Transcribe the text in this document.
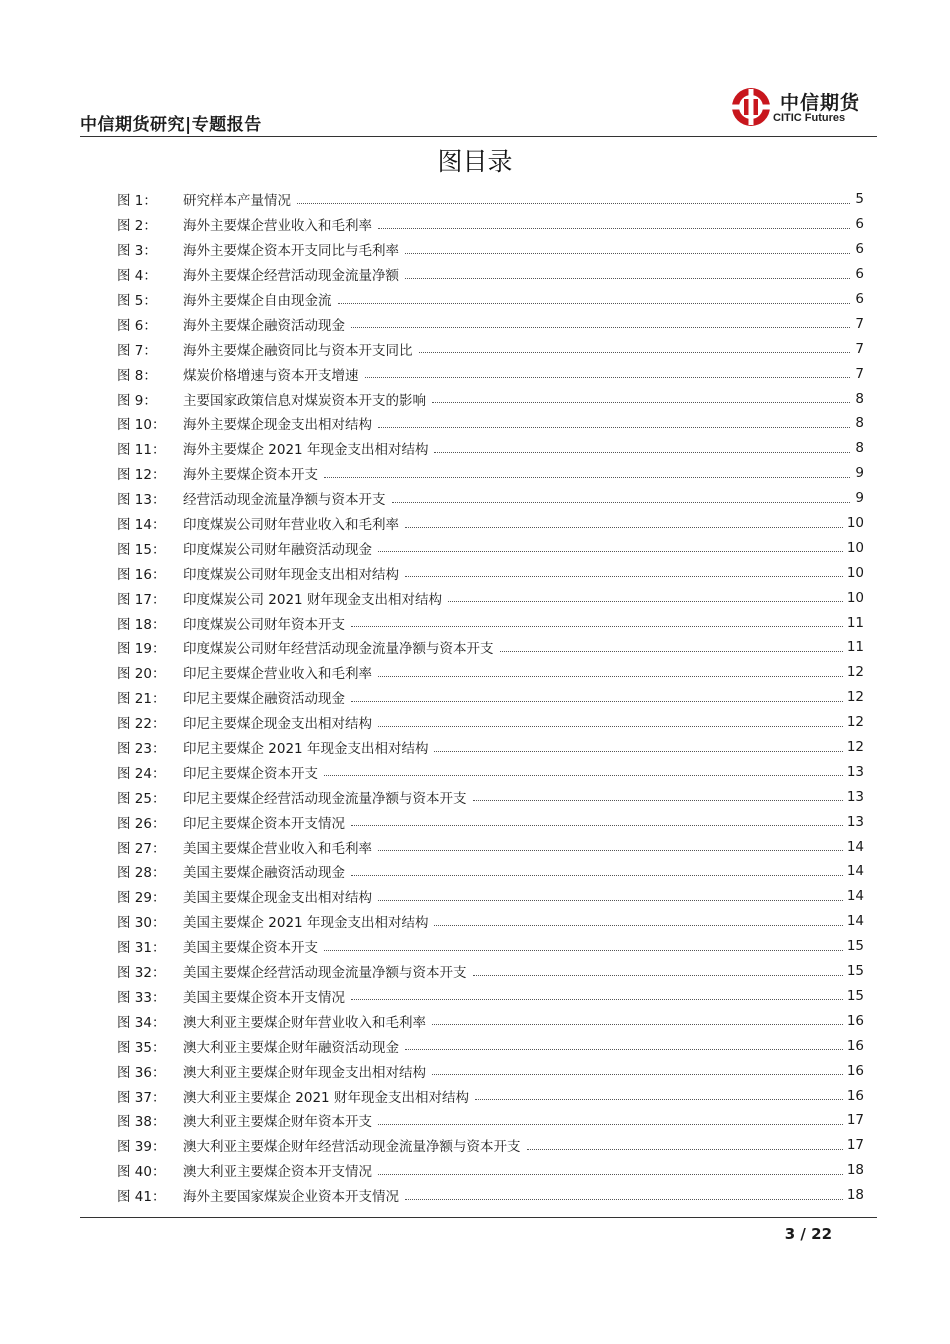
中信期货研究|专题报告
中信期货
CITIC Futures
图目录
图 1：	研究样本产量情况	5
图 2：	海外主要煤企营业收入和毛利率	6
图 3：	海外主要煤企资本开支同比与毛利率	6
图 4：	海外主要煤企经营活动现金流量净额	6
图 5：	海外主要煤企自由现金流	6
图 6：	海外主要煤企融资活动现金	7
图 7：	海外主要煤企融资同比与资本开支同比	7
图 8：	煤炭价格增速与资本开支增速	7
图 9：	主要国家政策信息对煤炭资本开支的影响	8
图 10：	海外主要煤企现金支出相对结构	8
图 11：	海外主要煤企 2021 年现金支出相对结构	8
图 12：	海外主要煤企资本开支	9
图 13：	经营活动现金流量净额与资本开支	9
图 14：	印度煤炭公司财年营业收入和毛利率	10
图 15：	印度煤炭公司财年融资活动现金	10
图 16：	印度煤炭公司财年现金支出相对结构	10
图 17：	印度煤炭公司 2021 财年现金支出相对结构	10
图 18：	印度煤炭公司财年资本开支	11
图 19：	印度煤炭公司财年经营活动现金流量净额与资本开支	11
图 20：	印尼主要煤企营业收入和毛利率	12
图 21：	印尼主要煤企融资活动现金	12
图 22：	印尼主要煤企现金支出相对结构	12
图 23：	印尼主要煤企 2021 年现金支出相对结构	12
图 24：	印尼主要煤企资本开支	13
图 25：	印尼主要煤企经营活动现金流量净额与资本开支	13
图 26：	印尼主要煤企资本开支情况	13
图 27：	美国主要煤企营业收入和毛利率	14
图 28：	美国主要煤企融资活动现金	14
图 29：	美国主要煤企现金支出相对结构	14
图 30：	美国主要煤企 2021 年现金支出相对结构	14
图 31：	美国主要煤企资本开支	15
图 32：	美国主要煤企经营活动现金流量净额与资本开支	15
图 33：	美国主要煤企资本开支情况	15
图 34：	澳大利亚主要煤企财年营业收入和毛利率	16
图 35：	澳大利亚主要煤企财年融资活动现金	16
图 36：	澳大利亚主要煤企财年现金支出相对结构	16
图 37：	澳大利亚主要煤企 2021 财年现金支出相对结构	16
图 38：	澳大利亚主要煤企财年资本开支	17
图 39：	澳大利亚主要煤企财年经营活动现金流量净额与资本开支	17
图 40：	澳大利亚主要煤企资本开支情况	18
图 41：	海外主要国家煤炭企业资本开支情况	18
3 / 22
